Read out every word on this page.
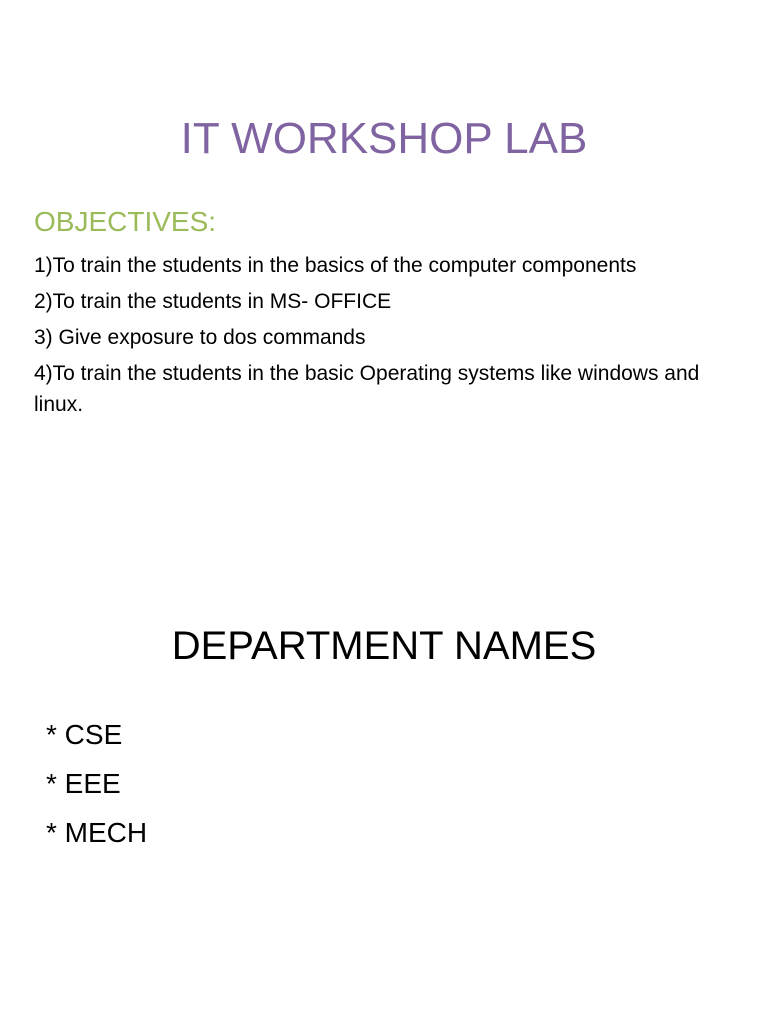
IT WORKSHOP LAB
OBJECTIVES:
1)To train the students in the basics of the computer components
2)To train the students in MS- OFFICE
3) Give exposure to dos commands
4)To train the students in the basic Operating systems like windows and linux.
DEPARTMENT NAMES
* CSE
* EEE
* MECH
